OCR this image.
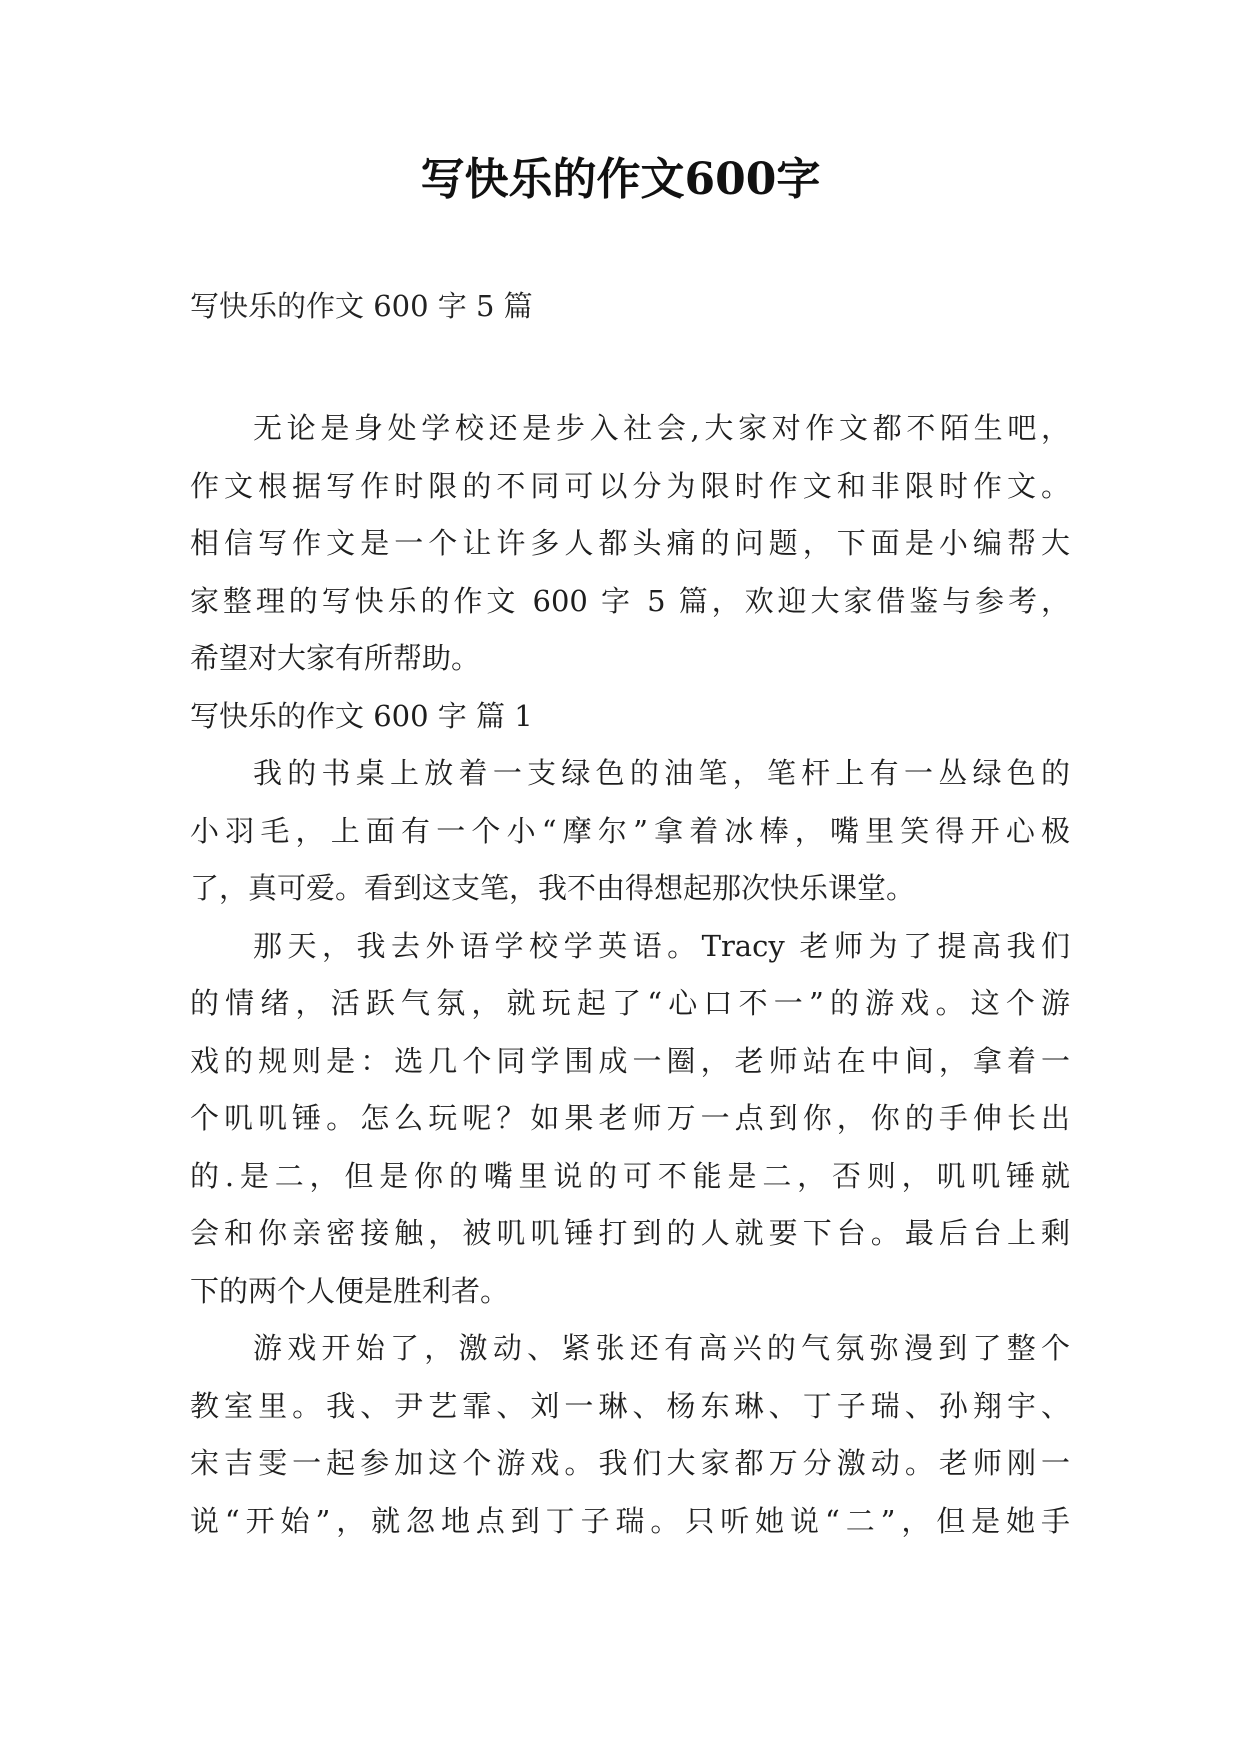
写快乐的作文600字
写快乐的作文 600 字 5 篇
无论是身处学校还是步入社会,大家对作文都不陌生吧，
作文根据写作时限的不同可以分为限时作文和非限时作文。
相信写作文是一个让许多人都头痛的问题，下面是小编帮大
家整理的写快乐的作文 600 字 5 篇，欢迎大家借鉴与参考，
希望对大家有所帮助。
写快乐的作文 600 字 篇 1
我的书桌上放着一支绿色的油笔，笔杆上有一丛绿色的
小羽毛，上面有一个小“摩尔”拿着冰棒，嘴里笑得开心极
了，真可爱。看到这支笔，我不由得想起那次快乐课堂。
那天，我去外语学校学英语。Tracy 老师为了提高我们
的情绪，活跃气氛，就玩起了“心口不一”的游戏。这个游
戏的规则是：选几个同学围成一圈，老师站在中间，拿着一
个叽叽锤。怎么玩呢？如果老师万一点到你，你的手伸长出
的.是二，但是你的嘴里说的可不能是二，否则，叽叽锤就
会和你亲密接触，被叽叽锤打到的人就要下台。最后台上剩
下的两个人便是胜利者。
游戏开始了，激动、紧张还有高兴的气氛弥漫到了整个
教室里。我、尹艺霏、刘一琳、杨东琳、丁子瑞、孙翔宇、
宋吉雯一起参加这个游戏。我们大家都万分激动。老师刚一
说“开始”，就忽地点到丁子瑞。只听她说“二”，但是她手
